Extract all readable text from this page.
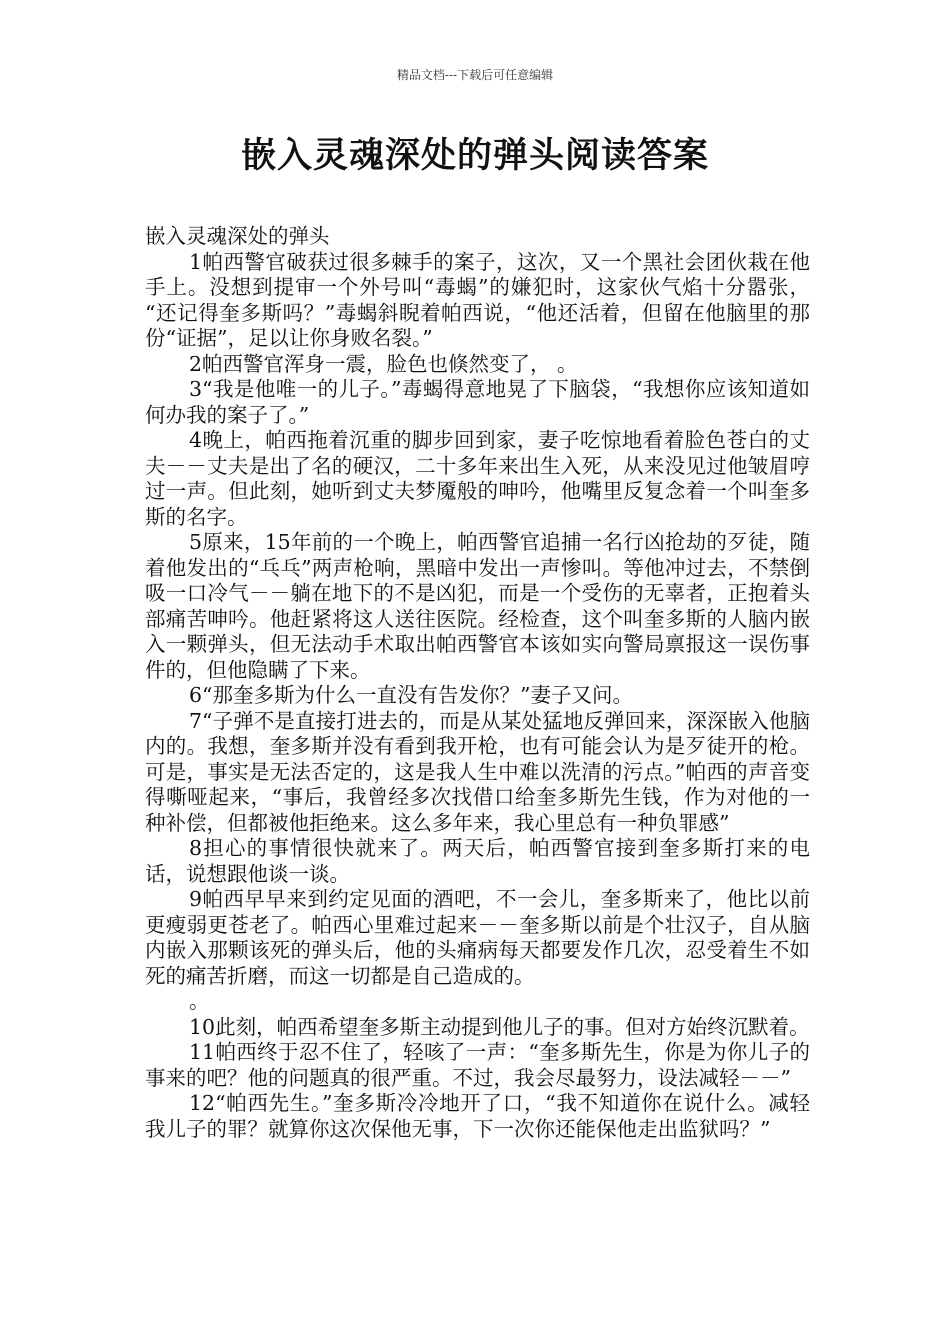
精品文档---下载后可任意编辑
嵌入灵魂深处的弹头阅读答案

嵌入灵魂深处的弹头

1帕西警官破获过很多棘手的案子，这次，又一个黑社会团伙栽在他手上。没想到提审一个外号叫“毒蝎”的嫌犯时，这家伙气焰十分嚣张， “还记得奎多斯吗？”毒蝎斜睨着帕西说，“他还活着，但留在他脑里的那份“证据”，足以让你身败名裂。”

2帕西警官浑身一震，脸色也倏然变了， 。

3“我是他唯一的儿子。”毒蝎得意地晃了下脑袋，“我想你应该知道如何办我的案子了。”

4晚上，帕西拖着沉重的脚步回到家，妻子吃惊地看着脸色苍白的丈夫－－丈夫是出了名的硬汉，二十多年来出生入死，从来没见过他皱眉哼过一声。但此刻，她听到丈夫梦魇般的呻吟，他嘴里反复念着一个叫奎多斯的名字。

5原来，15年前的一个晚上，帕西警官追捕一名行凶抢劫的歹徒，随着他发出的“乓乓”两声枪响，黑暗中发出一声惨叫。等他冲过去，不禁倒吸一口冷气－－躺在地下的不是凶犯，而是一个受伤的无辜者，正抱着头部痛苦呻吟。他赶紧将这人送往医院。经检查，这个叫奎多斯的人脑内嵌入一颗弹头，但无法动手术取出帕西警官本该如实向警局禀报这一误伤事件的，但他隐瞒了下来。

6“那奎多斯为什么一直没有告发你？”妻子又问。

7“子弹不是直接打进去的，而是从某处猛地反弹回来，深深嵌入他脑内的。我想，奎多斯并没有看到我开枪，也有可能会认为是歹徒开的枪。可是，事实是无法否定的，这是我人生中难以洗清的污点。”帕西的声音变得嘶哑起来，“事后，我曾经多次找借口给奎多斯先生钱，作为对他的一种补偿，但都被他拒绝来。这么多年来，我心里总有一种负罪感”

8担心的事情很快就来了。两天后，帕西警官接到奎多斯打来的电话，说想跟他谈一谈。

9帕西早早来到约定见面的酒吧，不一会儿，奎多斯来了，他比以前更瘦弱更苍老了。帕西心里难过起来－－奎多斯以前是个壮汉子，自从脑内嵌入那颗该死的弹头后，他的头痛病每天都要发作几次，忍受着生不如死的痛苦折磨，而这一切都是自己造成的。

。

10此刻，帕西希望奎多斯主动提到他儿子的事。但对方始终沉默着。

11帕西终于忍不住了，轻咳了一声：“奎多斯先生，你是为你儿子的事来的吧？他的问题真的很严重。不过，我会尽最努力，设法减轻－－”

12“帕西先生。”奎多斯冷冷地开了口，“我不知道你在说什么。减轻我儿子的罪？就算你这次保他无事，下一次你还能保他走出监狱吗？”
